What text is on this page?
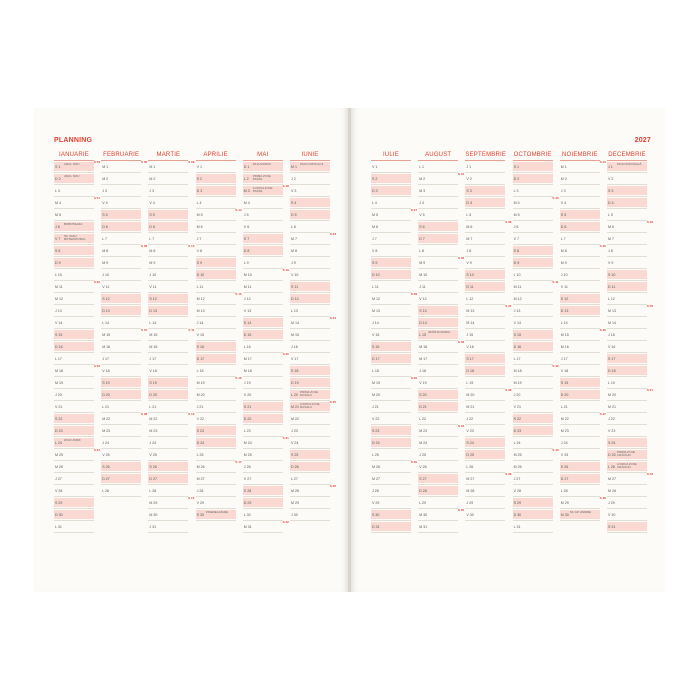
PLANNING
IANUARIE
S 1
ANUL NOU	S 53
D 2
ANUL NOU
L 3
M 4
S 01
M 5
J 6
BOBOTEAZA
V 7
SF. IOAN BOTEZATORUL
S 8
D 9
L 10
M 11
S 02
M 12
J 13
V 14
S 15
D 16
L 17
M 18
S 03
M 19
J 20
V 21
S 22
D 23
L 24
ZIUA UNIRII
M 25
S 04
M 26
J 27
V 28
S 29
D 30
L 31
FEBRUARIE
M 1
S 05
M 2
J 3
V 4
S 5
D 6
L 7
M 8
S 06
M 9
J 10
V 11
S 12
D 13
L 14
M 15
S 07
M 16
J 17
V 18
S 19
D 20
L 21
M 22
S 08
M 23
J 24
V 25
S 26
D 27
L 28
MARTIE
M 1
S 09
M 2
J 3
V 4
S 5
D 6
L 7
M 8
S 10
M 9
J 10
V 11
S 12
D 13
L 14
M 15
S 11
M 16
J 17
V 18
S 19
D 20
L 21
M 22
S 12
M 23
J 24
V 25
S 26
D 27
L 28
M 29
S 13
M 30
J 31
APRILIE
V 1
S 2
D 3
L 4
M 5
S 14
M 6
J 7
V 8
S 9
D 10
L 11
M 12
S 15
M 13
J 14
V 15
S 16
D 17
L 18
M 19
S 16
M 20
J 21
V 22
S 23
D 24
L 25
M 26
S 17
M 27
J 28
V 29
S 30
VINEREA MARE
MAI
D 1
ZIUA MUNCII
L 2
PRIMA ZI DE PAȘTE
M 3
A DOUA ZI DE PAȘTE
S 18
M 4
J 5
V 6
S 7
D 8
L 9
M 10
S 19
M 11
J 12
V 13
S 14
D 15
L 16
M 17
S 20
M 18
J 19
V 20
S 21
D 22
L 23
M 24
S 21
M 25
J 26
V 27
S 28
D 29
L 30
M 31
S 22
IUNIE
M 1
ZIUA COPILULUI
J 2
V 3
S 4
D 5
L 6
M 7
S 23
M 8
J 9
V 10
S 11
D 12
L 13
M 14
S 24
M 15
J 16
V 17
S 18
D 19
L 20
PRIMA ZI DE RUSALII
M 21
A DOUA ZI DE RUSALII
S 25
M 22
J 23
V 24
S 25
D 26
L 27
M 28
S 26
M 29
J 30
2027
IULIE
V 1
S 2
D 3
L 4
M 5
S 27
M 6
J 7
V 8
S 9
D 10
L 11
M 12
S 28
M 13
J 14
V 15
S 16
D 17
L 18
M 19
S 29
M 20
J 21
V 22
S 23
D 24
L 25
M 26
S 30
M 27
J 28
V 29
S 30
D 31
AUGUST
L 1
M 2
S 31
M 3
J 4
V 5
S 6
D 7
L 8
M 9
S 32
M 10
J 11
V 12
S 13
D 14
L 15
SFÂNTA MARIA
M 16
S 33
M 17
J 18
V 19
S 20
D 21
L 22
M 23
S 34
M 24
J 25
V 26
S 27
D 28
L 29
M 30
S 35
M 31
SEPTEMBRIE
J 1
V 2
S 3
D 4
L 5
M 6
S 36
M 7
J 8
V 9
S 10
D 11
L 12
M 13
S 37
M 14
J 15
V 16
S 17
D 18
L 19
M 20
S 38
M 21
J 22
V 23
S 24
D 25
L 26
M 27
S 39
M 28
J 29
V 30
OCTOMBRIE
S 1
D 2
L 3
M 4
S 40
M 5
J 6
V 7
S 8
D 9
L 10
M 11
S 41
M 12
J 13
V 14
S 15
D 16
L 17
M 18
S 42
M 19
J 20
V 21
S 22
D 23
L 24
M 25
S 43
M 26
J 27
V 28
S 29
D 30
L 31
NOIEMBRIE
M 1
S 44
M 2
J 3
V 4
S 5
D 6
L 7
M 8
S 45
M 9
J 10
V 11
S 12
D 13
L 14
M 15
S 46
M 16
J 17
V 18
S 19
D 20
L 21
M 22
S 47
M 23
J 24
V 25
S 26
D 27
L 28
M 29
S 48
M 30
SF. AP. ANDREI
DECEMBRIE
J 1
ZIUA NAȚIONALĂ
V 2
S 3
D 4
L 5
M 6
S 49
M 7
J 8
V 9
S 10
D 11
L 12
M 13
S 50
M 14
J 15
V 16
S 17
D 18
L 19
M 20
S 51
M 21
J 22
V 23
S 24
D 25
PRIMA ZI DE CRĂCIUN
L 26
A DOUA ZI DE CRĂCIUN
M 27
S 52
M 28
J 29
V 30
S 31
